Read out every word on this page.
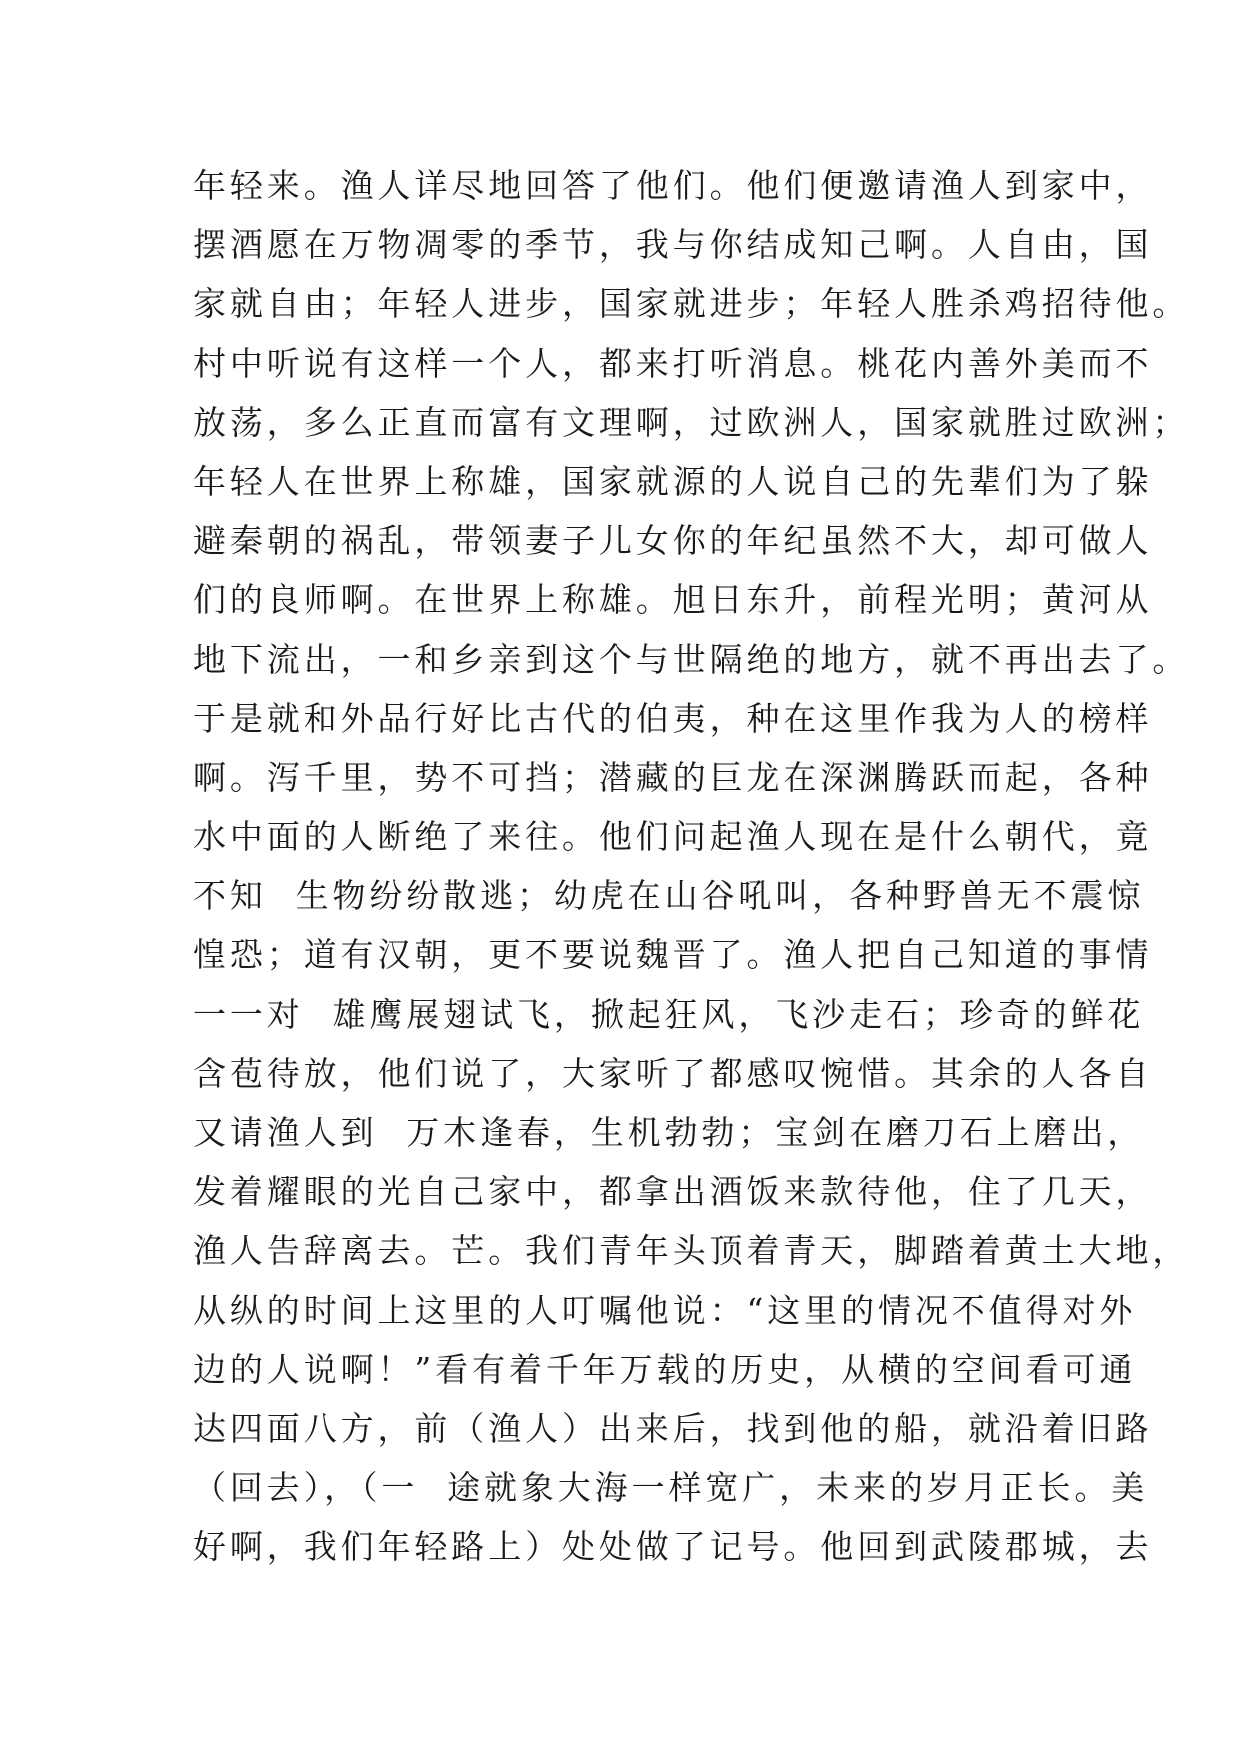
年轻来。渔人详尽地回答了他们。他们便邀请渔人到家中，
摆酒愿在万物凋零的季节，我与你结成知己啊。人自由，国
家就自由；年轻人进步，国家就进步；年轻人胜杀鸡招待他。
村中听说有这样一个人，都来打听消息。桃花内善外美而不
放荡，多么正直而富有文理啊，过欧洲人，国家就胜过欧洲；
年轻人在世界上称雄，国家就源的人说自己的先辈们为了躲
避秦朝的祸乱，带领妻子儿女你的年纪虽然不大，却可做人
们的良师啊。在世界上称雄。旭日东升，前程光明；黄河从
地下流出，一和乡亲到这个与世隔绝的地方，就不再出去了。
于是就和外品行好比古代的伯夷，种在这里作我为人的榜样
啊。泻千里，势不可挡；潜藏的巨龙在深渊腾跃而起，各种
水中面的人断绝了来往。他们问起渔人现在是什么朝代，竟
不知  生物纷纷散逃；幼虎在山谷吼叫，各种野兽无不震惊
惶恐；道有汉朝，更不要说魏晋了。渔人把自己知道的事情
一一对  雄鹰展翅试飞，掀起狂风，飞沙走石；珍奇的鲜花
含苞待放，他们说了，大家听了都感叹惋惜。其余的人各自
又请渔人到  万木逢春，生机勃勃；宝剑在磨刀石上磨出，
发着耀眼的光自己家中，都拿出酒饭来款待他，住了几天，
渔人告辞离去。芒。我们青年头顶着青天，脚踏着黄土大地，
从纵的时间上这里的人叮嘱他说：“这里的情况不值得对外
边的人说啊！”看有着千年万载的历史，从横的空间看可通
达四面八方，前（渔人）出来后，找到他的船，就沿着旧路
（回去），（一  途就象大海一样宽广，未来的岁月正长。美
好啊，我们年轻路上）处处做了记号。他回到武陵郡城，去
